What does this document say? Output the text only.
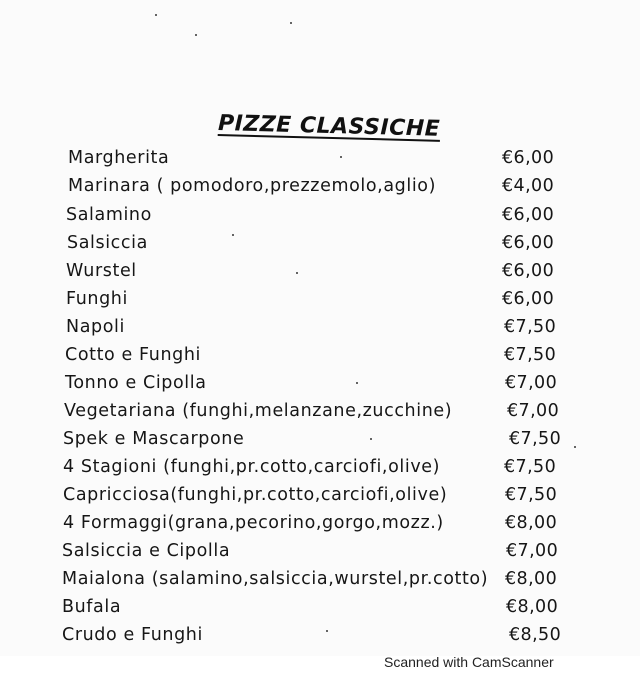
PIZZE CLASSICHE
Margherita	€6,00
Marinara ( pomodoro,prezzemolo,aglio)	€4,00
Salamino	€6,00
Salsiccia	€6,00
Wurstel	€6,00
Funghi	€6,00
Napoli	€7,50
Cotto e Funghi	€7,50
Tonno e Cipolla	€7,00
Vegetariana (funghi,melanzane,zucchine)	€7,00
Spek e Mascarpone	€7,50
4 Stagioni (funghi,pr.cotto,carciofi,olive)	€7,50
Capricciosa(funghi,pr.cotto,carciofi,olive)	€7,50
4 Formaggi(grana,pecorino,gorgo,mozz.)	€8,00
Salsiccia e Cipolla	€7,00
Maialona (salamino,salsiccia,wurstel,pr.cotto) €8,00
Bufala	€8,00
Crudo e Funghi	€8,50
Scanned with CamScanner
